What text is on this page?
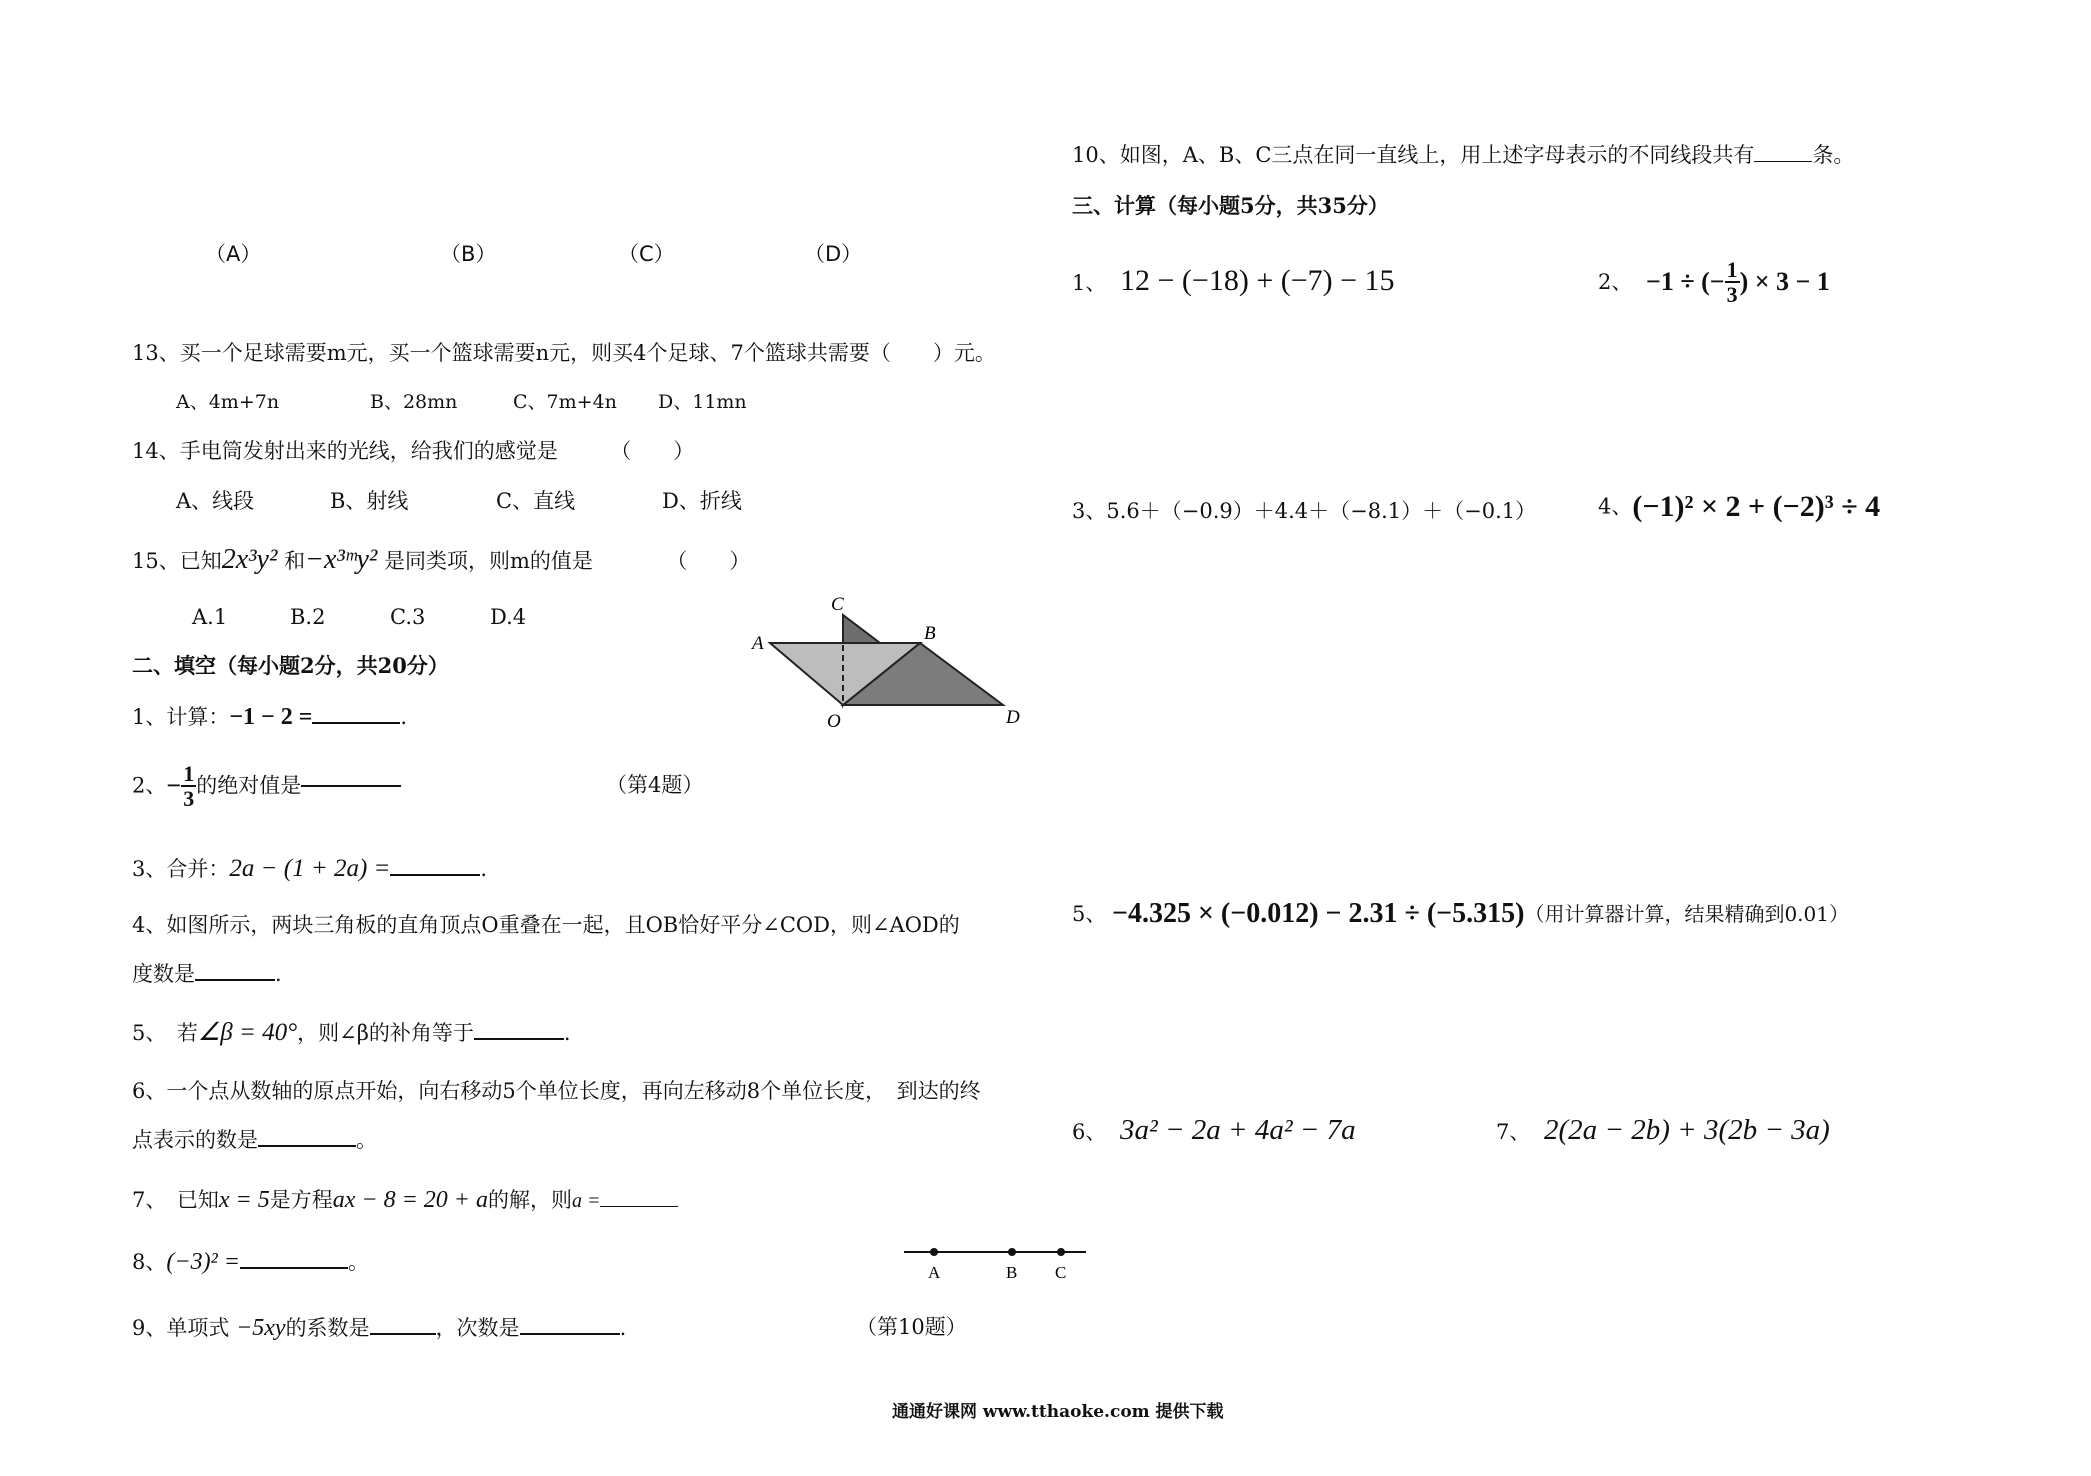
（A）	（B）	（C）	（D）
13、买一个足球需要m元，买一个篮球需要n元，则买4个足球、7个篮球共需要（　　）元。
A、4m+7n	B、28mn	C、7m+4n D、11mn
14、手电筒发射出来的光线，给我们的感觉是　　　（　　）
A、线段	B、射线	C、直线	D、折线
15、已知2x³y² 和−x³ᵐy² 是同类项，则m的值是　　　　（　　）
A.1	B.2	C.3	D.4
二、填空（每小题2分，共20分）
1、计算：−1 − 2 =	.
2、− $\frac{1}{3}$ 的绝对值是	（第4题）
3、合并：2a − (1 + 2a) =	.
4、如图所示，两块三角板的直角顶点O重叠在一起，且OB恰好平分∠COD，则∠AOD的
度数是	.
5、　若∠β = 40°，则∠β的补角等于	.
6、一个点从数轴的原点开始，向右移动5个单位长度，再向左移动8个单位长度，　到达的终
点表示的数是	。
7、　已知x = 5是方程ax − 8 = 20 + a的解，则a =
8、(−3)² =	。
9、单项式 −5xy的系数是	，次数是	.	（第10题）
C
A	B
O	D
A	B C
10、如图，A、B、C三点在同一直线上，用上述字母表示的不同线段共有	条。
三、计算（每小题5分，共35分）
1、 12 − (−18) + (−7) − 15	2、 −1 ÷ (− $\frac{1}{3}$ ) × 3 − 1
3、5.6＋（−0.9）＋4.4＋（−8.1）＋（−0.1）	4、(−1)² × 2 + (−2)³ ÷ 4
5、 −4.325 × (−0.012) − 2.31 ÷ (−5.315)（用计算器计算，结果精确到0.01）
6、 3a² − 2a + 4a² − 7a	7、 2(2a − 2b) + 3(2b − 3a)
通通好课网 www.tthaoke.com 提供下载
